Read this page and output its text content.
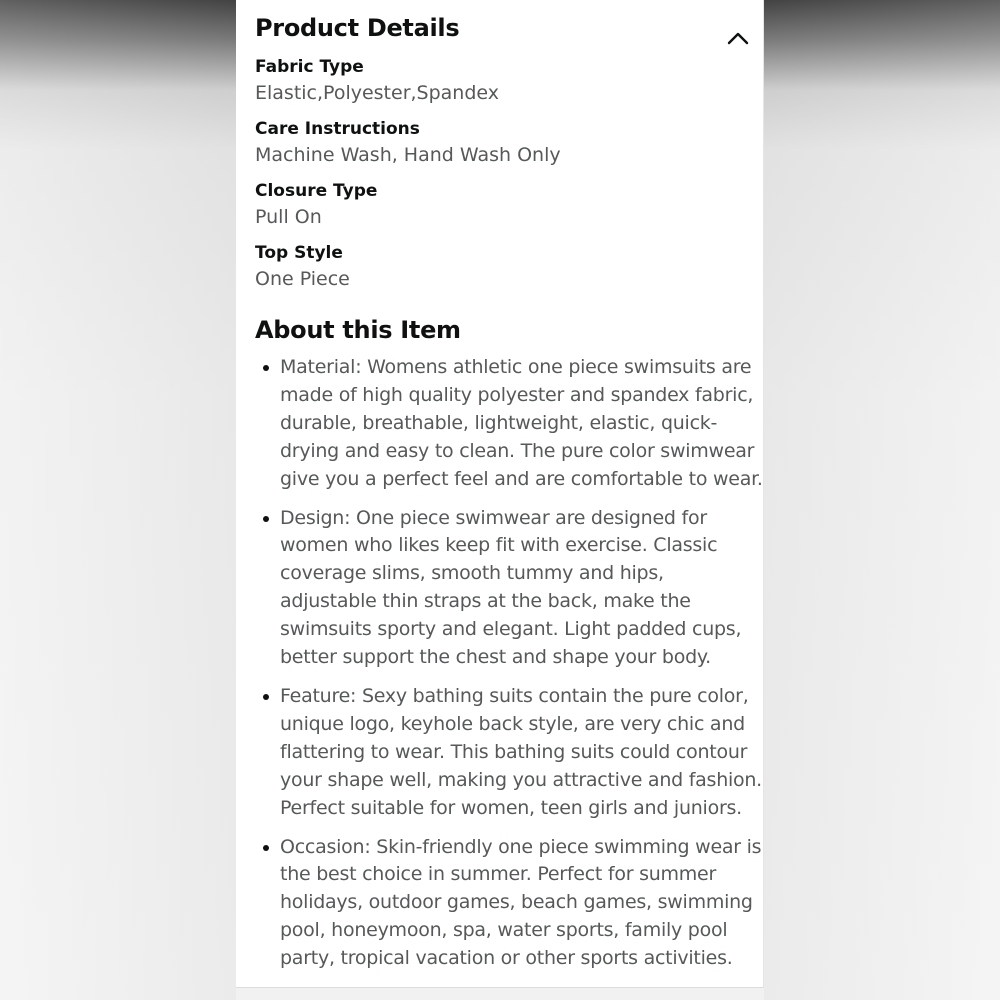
Product Details
Fabric Type
Elastic,Polyester,Spandex
Care Instructions
Machine Wash, Hand Wash Only
Closure Type
Pull On
Top Style
One Piece
About this Item
Material: Womens athletic one piece swimsuits are made of high quality polyester and spandex fabric, durable, breathable, lightweight, elastic, quick-drying and easy to clean. The pure color swimwear give you a perfect feel and are comfortable to wear.
Design: One piece swimwear are designed for women who likes keep fit with exercise. Classic coverage slims, smooth tummy and hips, adjustable thin straps at the back, make the swimsuits sporty and elegant. Light padded cups, better support the chest and shape your body.
Feature: Sexy bathing suits contain the pure color, unique logo, keyhole back style, are very chic and flattering to wear. This bathing suits could contour your shape well, making you attractive and fashion. Perfect suitable for women, teen girls and juniors.
Occasion: Skin-friendly one piece swimming wear is the best choice in summer. Perfect for summer holidays, outdoor games, beach games, swimming pool, honeymoon, spa, water sports, family pool party, tropical vacation or other sports activities.
